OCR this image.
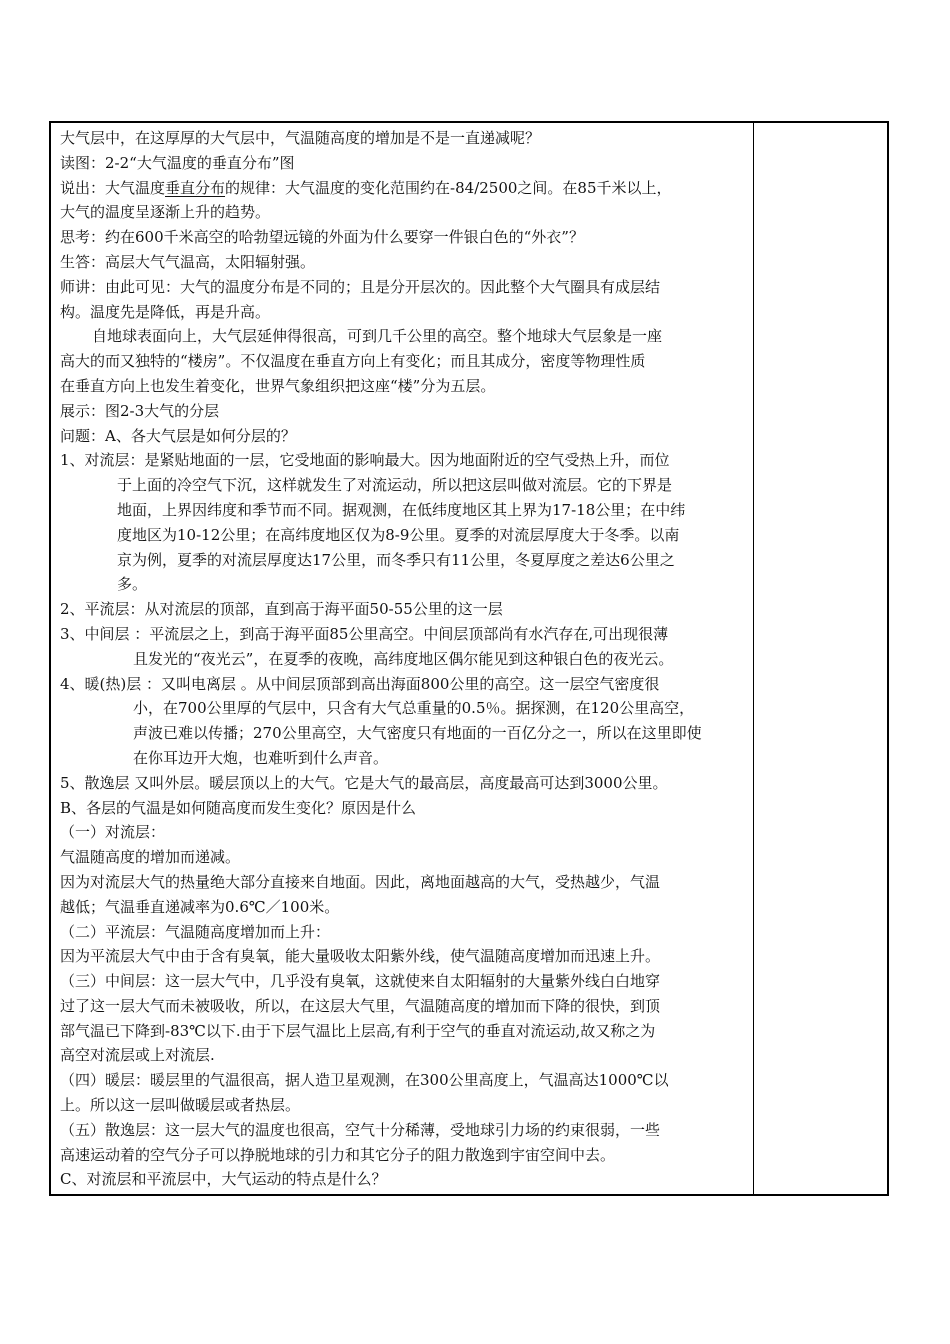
大气层中，在这厚厚的大气层中，气温随高度的增加是不是一直递减呢？
读图：2-2“大气温度的垂直分布”图
说出：大气温度垂直分布的规律：大气温度的变化范围约在-84/2500之间。在85千米以上，
大气的温度呈逐渐上升的趋势。
思考：约在600千米高空的哈勃望远镜的外面为什么要穿一件银白色的“外衣”？
生答：高层大气气温高，太阳辐射强。
师讲：由此可见：大气的温度分布是不同的；且是分开层次的。因此整个大气圈具有成层结
构。温度先是降低，再是升高。
自地球表面向上，大气层延伸得很高，可到几千公里的高空。整个地球大气层象是一座
高大的而又独特的“楼房”。不仅温度在垂直方向上有变化；而且其成分，密度等物理性质
在垂直方向上也发生着变化，世界气象组织把这座“楼”分为五层。
展示：图2-3大气的分层
问题：A、各大气层是如何分层的？
1、对流层：是紧贴地面的一层，它受地面的影响最大。因为地面附近的空气受热上升，而位
于上面的冷空气下沉，这样就发生了对流运动，所以把这层叫做对流层。它的下界是
地面，上界因纬度和季节而不同。据观测，在低纬度地区其上界为17-18公里；在中纬
度地区为10-12公里；在高纬度地区仅为8-9公里。夏季的对流层厚度大于冬季。以南
京为例，夏季的对流层厚度达17公里，而冬季只有11公里，冬夏厚度之差达6公里之
多。
2、平流层：从对流层的顶部，直到高于海平面50-55公里的这一层
3、中间层 ：平流层之上，到高于海平面85公里高空。中间层顶部尚有水汽存在,可出现很薄
且发光的“夜光云”，在夏季的夜晚，高纬度地区偶尔能见到这种银白色的夜光云。
4、暖(热)层 ：又叫电离层 。从中间层顶部到高出海面800公里的高空。这一层空气密度很
小，在700公里厚的气层中，只含有大气总重量的0.5％。据探测，在120公里高空，
声波已难以传播；270公里高空，大气密度只有地面的一百亿分之一，所以在这里即使
在你耳边开大炮，也难听到什么声音。
5、散逸层 又叫外层。暖层顶以上的大气。它是大气的最高层，高度最高可达到3000公里。
B、各层的气温是如何随高度而发生变化？原因是什么
（一）对流层：
气温随高度的增加而递减。
因为对流层大气的热量绝大部分直接来自地面。因此，离地面越高的大气，受热越少，气温
越低；气温垂直递减率为0.6℃／100米。
（二）平流层：气温随高度增加而上升：
因为平流层大气中由于含有臭氧，能大量吸收太阳紫外线，使气温随高度增加而迅速上升。
（三）中间层：这一层大气中，几乎没有臭氧，这就使来自太阳辐射的大量紫外线白白地穿
过了这一层大气而未被吸收，所以，在这层大气里，气温随高度的增加而下降的很快，到顶
部气温已下降到-83℃以下.由于下层气温比上层高,有利于空气的垂直对流运动,故又称之为
高空对流层或上对流层.
（四）暖层：暖层里的气温很高，据人造卫星观测，在300公里高度上，气温高达1000℃以
上。所以这一层叫做暖层或者热层。
（五）散逸层：这一层大气的温度也很高，空气十分稀薄，受地球引力场的约束很弱，一些
高速运动着的空气分子可以挣脱地球的引力和其它分子的阻力散逸到宇宙空间中去。
C、对流层和平流层中，大气运动的特点是什么？
